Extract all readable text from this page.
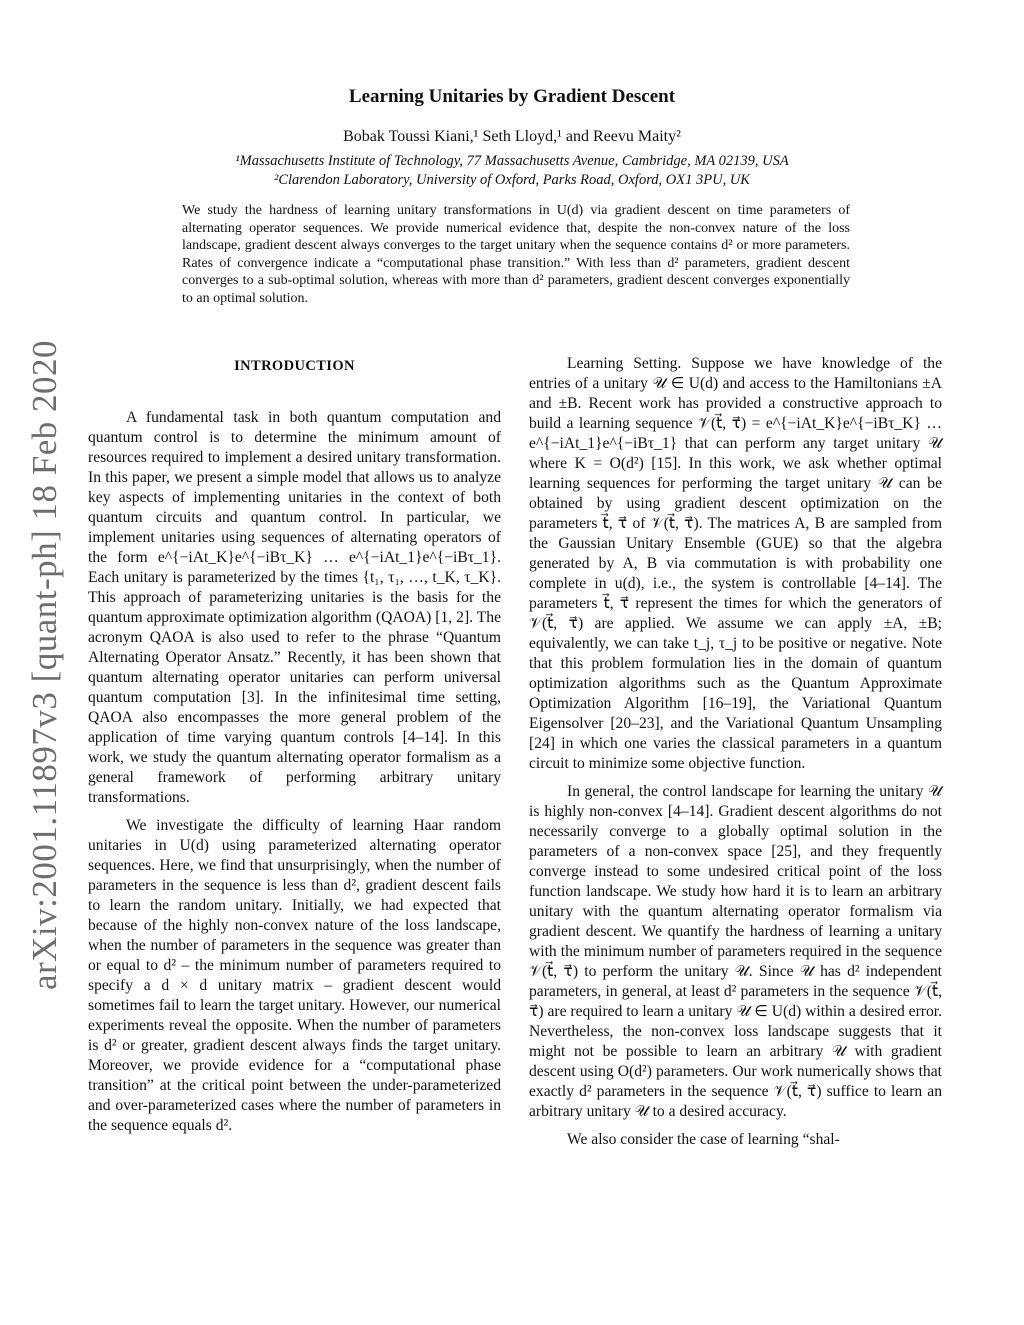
arXiv:2001.11897v3 [quant-ph] 18 Feb 2020
Learning Unitaries by Gradient Descent
Bobak Toussi Kiani,¹ Seth Lloyd,¹ and Reevu Maity²
¹Massachusetts Institute of Technology, 77 Massachusetts Avenue, Cambridge, MA 02139, USA
²Clarendon Laboratory, University of Oxford, Parks Road, Oxford, OX1 3PU, UK

We study the hardness of learning unitary transformations in U(d) via gradient descent on time parameters of alternating operator sequences. We provide numerical evidence that, despite the non-convex nature of the loss landscape, gradient descent always converges to the target unitary when the sequence contains d² or more parameters. Rates of convergence indicate a “computational phase transition.” With less than d² parameters, gradient descent converges to a sub-optimal solution, whereas with more than d² parameters, gradient descent converges exponentially to an optimal solution.

INTRODUCTION

A fundamental task in both quantum computation and quantum control is to determine the minimum amount of resources required to implement a desired unitary transformation. In this paper, we present a simple model that allows us to analyze key aspects of implementing unitaries in the context of both quantum circuits and quantum control. In particular, we implement unitaries using sequences of alternating operators of the form e^{−iAt_K}e^{−iBτ_K} … e^{−iAt_1}e^{−iBτ_1}. Each unitary is parameterized by the times {t₁, τ₁, …, t_K, τ_K}. This approach of parameterizing unitaries is the basis for the quantum approximate optimization algorithm (QAOA) [1, 2]. The acronym QAOA is also used to refer to the phrase “Quantum Alternating Operator Ansatz.” Recently, it has been shown that quantum alternating operator unitaries can perform universal quantum computation [3]. In the infinitesimal time setting, QAOA also encompasses the more general problem of the application of time varying quantum controls [4–14]. In this work, we study the quantum alternating operator formalism as a general framework of performing arbitrary unitary transformations.

We investigate the difficulty of learning Haar random unitaries in U(d) using parameterized alternating operator sequences. Here, we find that unsurprisingly, when the number of parameters in the sequence is less than d², gradient descent fails to learn the random unitary. Initially, we had expected that because of the highly non-convex nature of the loss landscape, when the number of parameters in the sequence was greater than or equal to d² – the minimum number of parameters required to specify a d × d unitary matrix – gradient descent would sometimes fail to learn the target unitary. However, our numerical experiments reveal the opposite. When the number of parameters is d² or greater, gradient descent always finds the target unitary. Moreover, we provide evidence for a “computational phase transition” at the critical point between the under-parameterized and over-parameterized cases where the number of parameters in the sequence equals d².

Learning Setting. Suppose we have knowledge of the entries of a unitary 𝒰 ∈ U(d) and access to the Hamiltonians ±A and ±B. Recent work has provided a constructive approach to build a learning sequence 𝒱(t⃗, τ⃗) = e^{−iAt_K}e^{−iBτ_K} … e^{−iAt_1}e^{−iBτ_1} that can perform any target unitary 𝒰 where K = O(d²) [15]. In this work, we ask whether optimal learning sequences for performing the target unitary 𝒰 can be obtained by using gradient descent optimization on the parameters t⃗, τ⃗ of 𝒱(t⃗, τ⃗). The matrices A, B are sampled from the Gaussian Unitary Ensemble (GUE) so that the algebra generated by A, B via commutation is with probability one complete in u(d), i.e., the system is controllable [4–14]. The parameters t⃗, τ⃗ represent the times for which the generators of 𝒱(t⃗, τ⃗) are applied. We assume we can apply ±A, ±B; equivalently, we can take t_j, τ_j to be positive or negative. Note that this problem formulation lies in the domain of quantum optimization algorithms such as the Quantum Approximate Optimization Algorithm [16–19], the Variational Quantum Eigensolver [20–23], and the Variational Quantum Unsampling [24] in which one varies the classical parameters in a quantum circuit to minimize some objective function.

In general, the control landscape for learning the unitary 𝒰 is highly non-convex [4–14]. Gradient descent algorithms do not necessarily converge to a globally optimal solution in the parameters of a non-convex space [25], and they frequently converge instead to some undesired critical point of the loss function landscape. We study how hard it is to learn an arbitrary unitary with the quantum alternating operator formalism via gradient descent. We quantify the hardness of learning a unitary with the minimum number of parameters required in the sequence 𝒱(t⃗, τ⃗) to perform the unitary 𝒰. Since 𝒰 has d² independent parameters, in general, at least d² parameters in the sequence 𝒱(t⃗, τ⃗) are required to learn a unitary 𝒰 ∈ U(d) within a desired error. Nevertheless, the non-convex loss landscape suggests that it might not be possible to learn an arbitrary 𝒰 with gradient descent using O(d²) parameters. Our work numerically shows that exactly d² parameters in the sequence 𝒱(t⃗, τ⃗) suffice to learn an arbitrary unitary 𝒰 to a desired accuracy.

We also consider the case of learning “shal-
